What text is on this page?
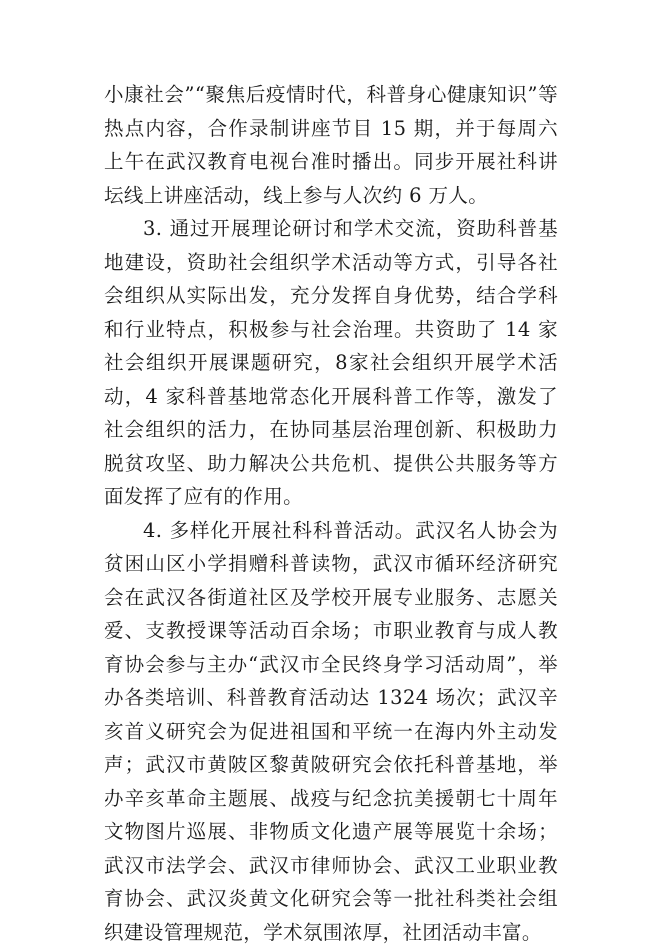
小康社会”“聚焦后疫情时代，科普身心健康知识”等热点内容，合作录制讲座节目 15 期，并于每周六上午在武汉教育电视台准时播出。同步开展社科讲坛线上讲座活动，线上参与人次约 6 万人。

3. 通过开展理论研讨和学术交流，资助科普基地建设，资助社会组织学术活动等方式，引导各社会组织从实际出发，充分发挥自身优势，结合学科和行业特点，积极参与社会治理。共资助了 14 家社会组织开展课题研究，8家社会组织开展学术活动，4 家科普基地常态化开展科普工作等，激发了社会组织的活力，在协同基层治理创新、积极助力脱贫攻坚、助力解决公共危机、提供公共服务等方面发挥了应有的作用。

4. 多样化开展社科科普活动。武汉名人协会为贫困山区小学捐赠科普读物，武汉市循环经济研究会在武汉各街道社区及学校开展专业服务、志愿关爱、支教授课等活动百余场；市职业教育与成人教育协会参与主办“武汉市全民终身学习活动周”，举办各类培训、科普教育活动达 1324 场次；武汉辛亥首义研究会为促进祖国和平统一在海内外主动发声；武汉市黄陂区黎黄陂研究会依托科普基地，举办辛亥革命主题展、战疫与纪念抗美援朝七十周年文物图片巡展、非物质文化遗产展等展览十余场；武汉市法学会、武汉市律师协会、武汉工业职业教育协会、武汉炎黄文化研究会等一批社科类社会组织建设管理规范，学术氛围浓厚，社团活动丰富。
